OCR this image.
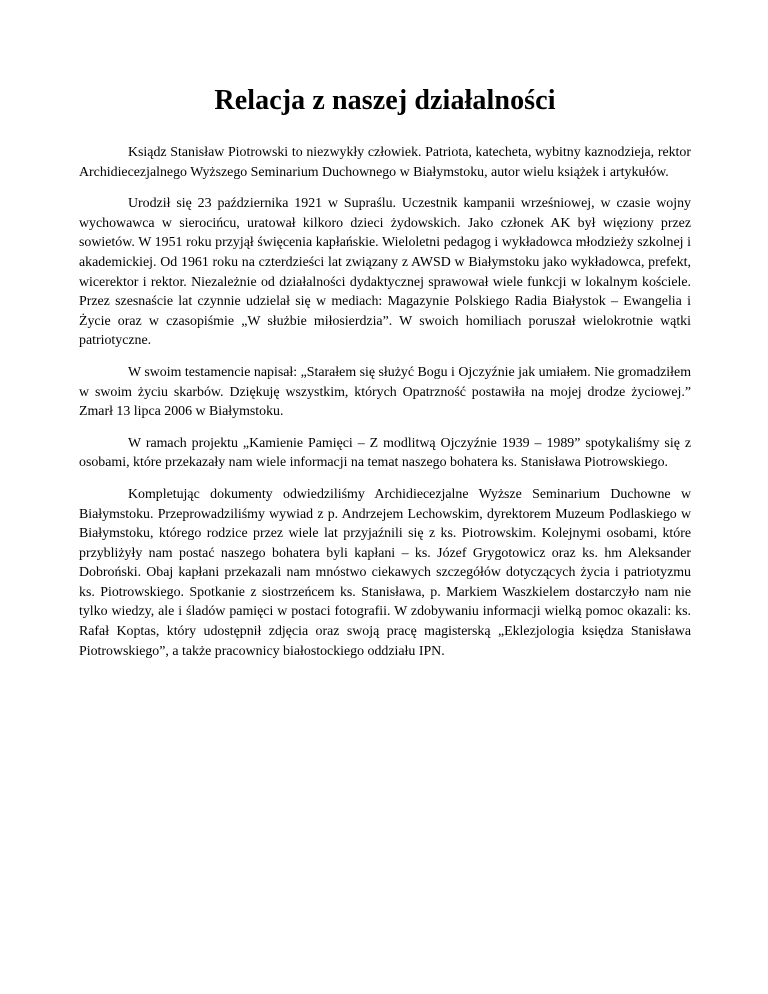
Relacja z naszej działalności

Ksiądz Stanisław Piotrowski to niezwykły człowiek. Patriota, katecheta, wybitny kaznodzieja, rektor Archidiecezjalnego Wyższego Seminarium Duchownego w Białymstoku, autor wielu książek i artykułów.

Urodził się 23 października 1921 w Supraślu. Uczestnik kampanii wrześniowej, w czasie wojny wychowawca w sierocińcu, uratował kilkoro dzieci żydowskich. Jako członek AK był więziony przez sowietów. W 1951 roku przyjął święcenia kapłańskie. Wieloletni pedagog i wykładowca młodzieży szkolnej i akademickiej. Od 1961 roku na czterdzieści lat związany z AWSD w Białymstoku jako wykładowca, prefekt, wicerektor i rektor. Niezależnie od działalności dydaktycznej sprawował wiele funkcji w lokalnym kościele. Przez szesnaście lat czynnie udzielał się w mediach: Magazynie Polskiego Radia Białystok – Ewangelia i Życie oraz w czasopiśmie „W służbie miłosierdzia”. W swoich homiliach poruszał wielokrotnie wątki patriotyczne.

W swoim testamencie napisał: „Starałem się służyć Bogu i Ojczyźnie jak umiałem. Nie gromadziłem w swoim życiu skarbów. Dziękuję wszystkim, których Opatrzność postawiła na mojej drodze życiowej.” Zmarł 13 lipca 2006 w Białymstoku.

W ramach projektu „Kamienie Pamięci – Z modlitwą Ojczyźnie 1939 – 1989” spotykaliśmy się z osobami, które przekazały nam wiele informacji na temat naszego bohatera ks. Stanisława Piotrowskiego.

Kompletując dokumenty odwiedziliśmy Archidiecezjalne Wyższe Seminarium Duchowne w Białymstoku. Przeprowadziliśmy wywiad z p. Andrzejem Lechowskim, dyrektorem Muzeum Podlaskiego w Białymstoku, którego rodzice przez wiele lat przyjaźnili się z ks. Piotrowskim. Kolejnymi osobami, które przybliżyły nam postać naszego bohatera byli kapłani – ks. Józef Grygotowicz oraz ks. hm Aleksander Dobroński. Obaj kapłani przekazali nam mnóstwo ciekawych szczegółów dotyczących życia i patriotyzmu ks. Piotrowskiego. Spotkanie z siostrzeńcem ks. Stanisława, p. Markiem Waszkielem dostarczyło nam nie tylko wiedzy, ale i śladów pamięci w postaci fotografii. W zdobywaniu informacji wielką pomoc okazali: ks. Rafał Koptas, który udostępnił zdjęcia oraz swoją pracę magisterską „Eklezjologia księdza Stanisława Piotrowskiego”, a także pracownicy białostockiego oddziału IPN.
